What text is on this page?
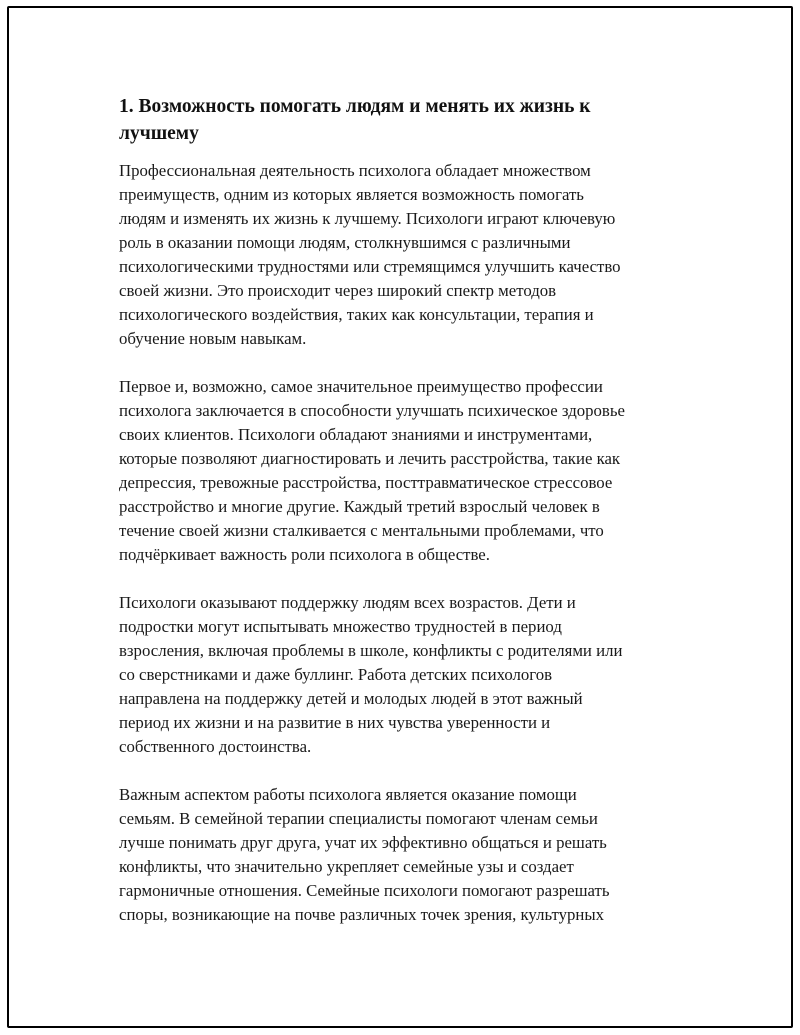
1. Возможность помогать людям и менять их жизнь к
лучшему

Профессиональная деятельность психолога обладает множеством
преимуществ, одним из которых является возможность помогать
людям и изменять их жизнь к лучшему. Психологи играют ключевую
роль в оказании помощи людям, столкнувшимся с различными
психологическими трудностями или стремящимся улучшить качество
своей жизни. Это происходит через широкий спектр методов
психологического воздействия, таких как консультации, терапия и
обучение новым навыкам.

Первое и, возможно, самое значительное преимущество профессии
психолога заключается в способности улучшать психическое здоровье
своих клиентов. Психологи обладают знаниями и инструментами,
которые позволяют диагностировать и лечить расстройства, такие как
депрессия, тревожные расстройства, посттравматическое стрессовое
расстройство и многие другие. Каждый третий взрослый человек в
течение своей жизни сталкивается с ментальными проблемами, что
подчёркивает важность роли психолога в обществе.

Психологи оказывают поддержку людям всех возрастов. Дети и
подростки могут испытывать множество трудностей в период
взросления, включая проблемы в школе, конфликты с родителями или
со сверстниками и даже буллинг. Работа детских психологов
направлена на поддержку детей и молодых людей в этот важный
период их жизни и на развитие в них чувства уверенности и
собственного достоинства.

Важным аспектом работы психолога является оказание помощи
семьям. В семейной терапии специалисты помогают членам семьи
лучше понимать друг друга, учат их эффективно общаться и решать
конфликты, что значительно укрепляет семейные узы и создает
гармоничные отношения. Семейные психологи помогают разрешать
споры, возникающие на почве различных точек зрения, культурных
